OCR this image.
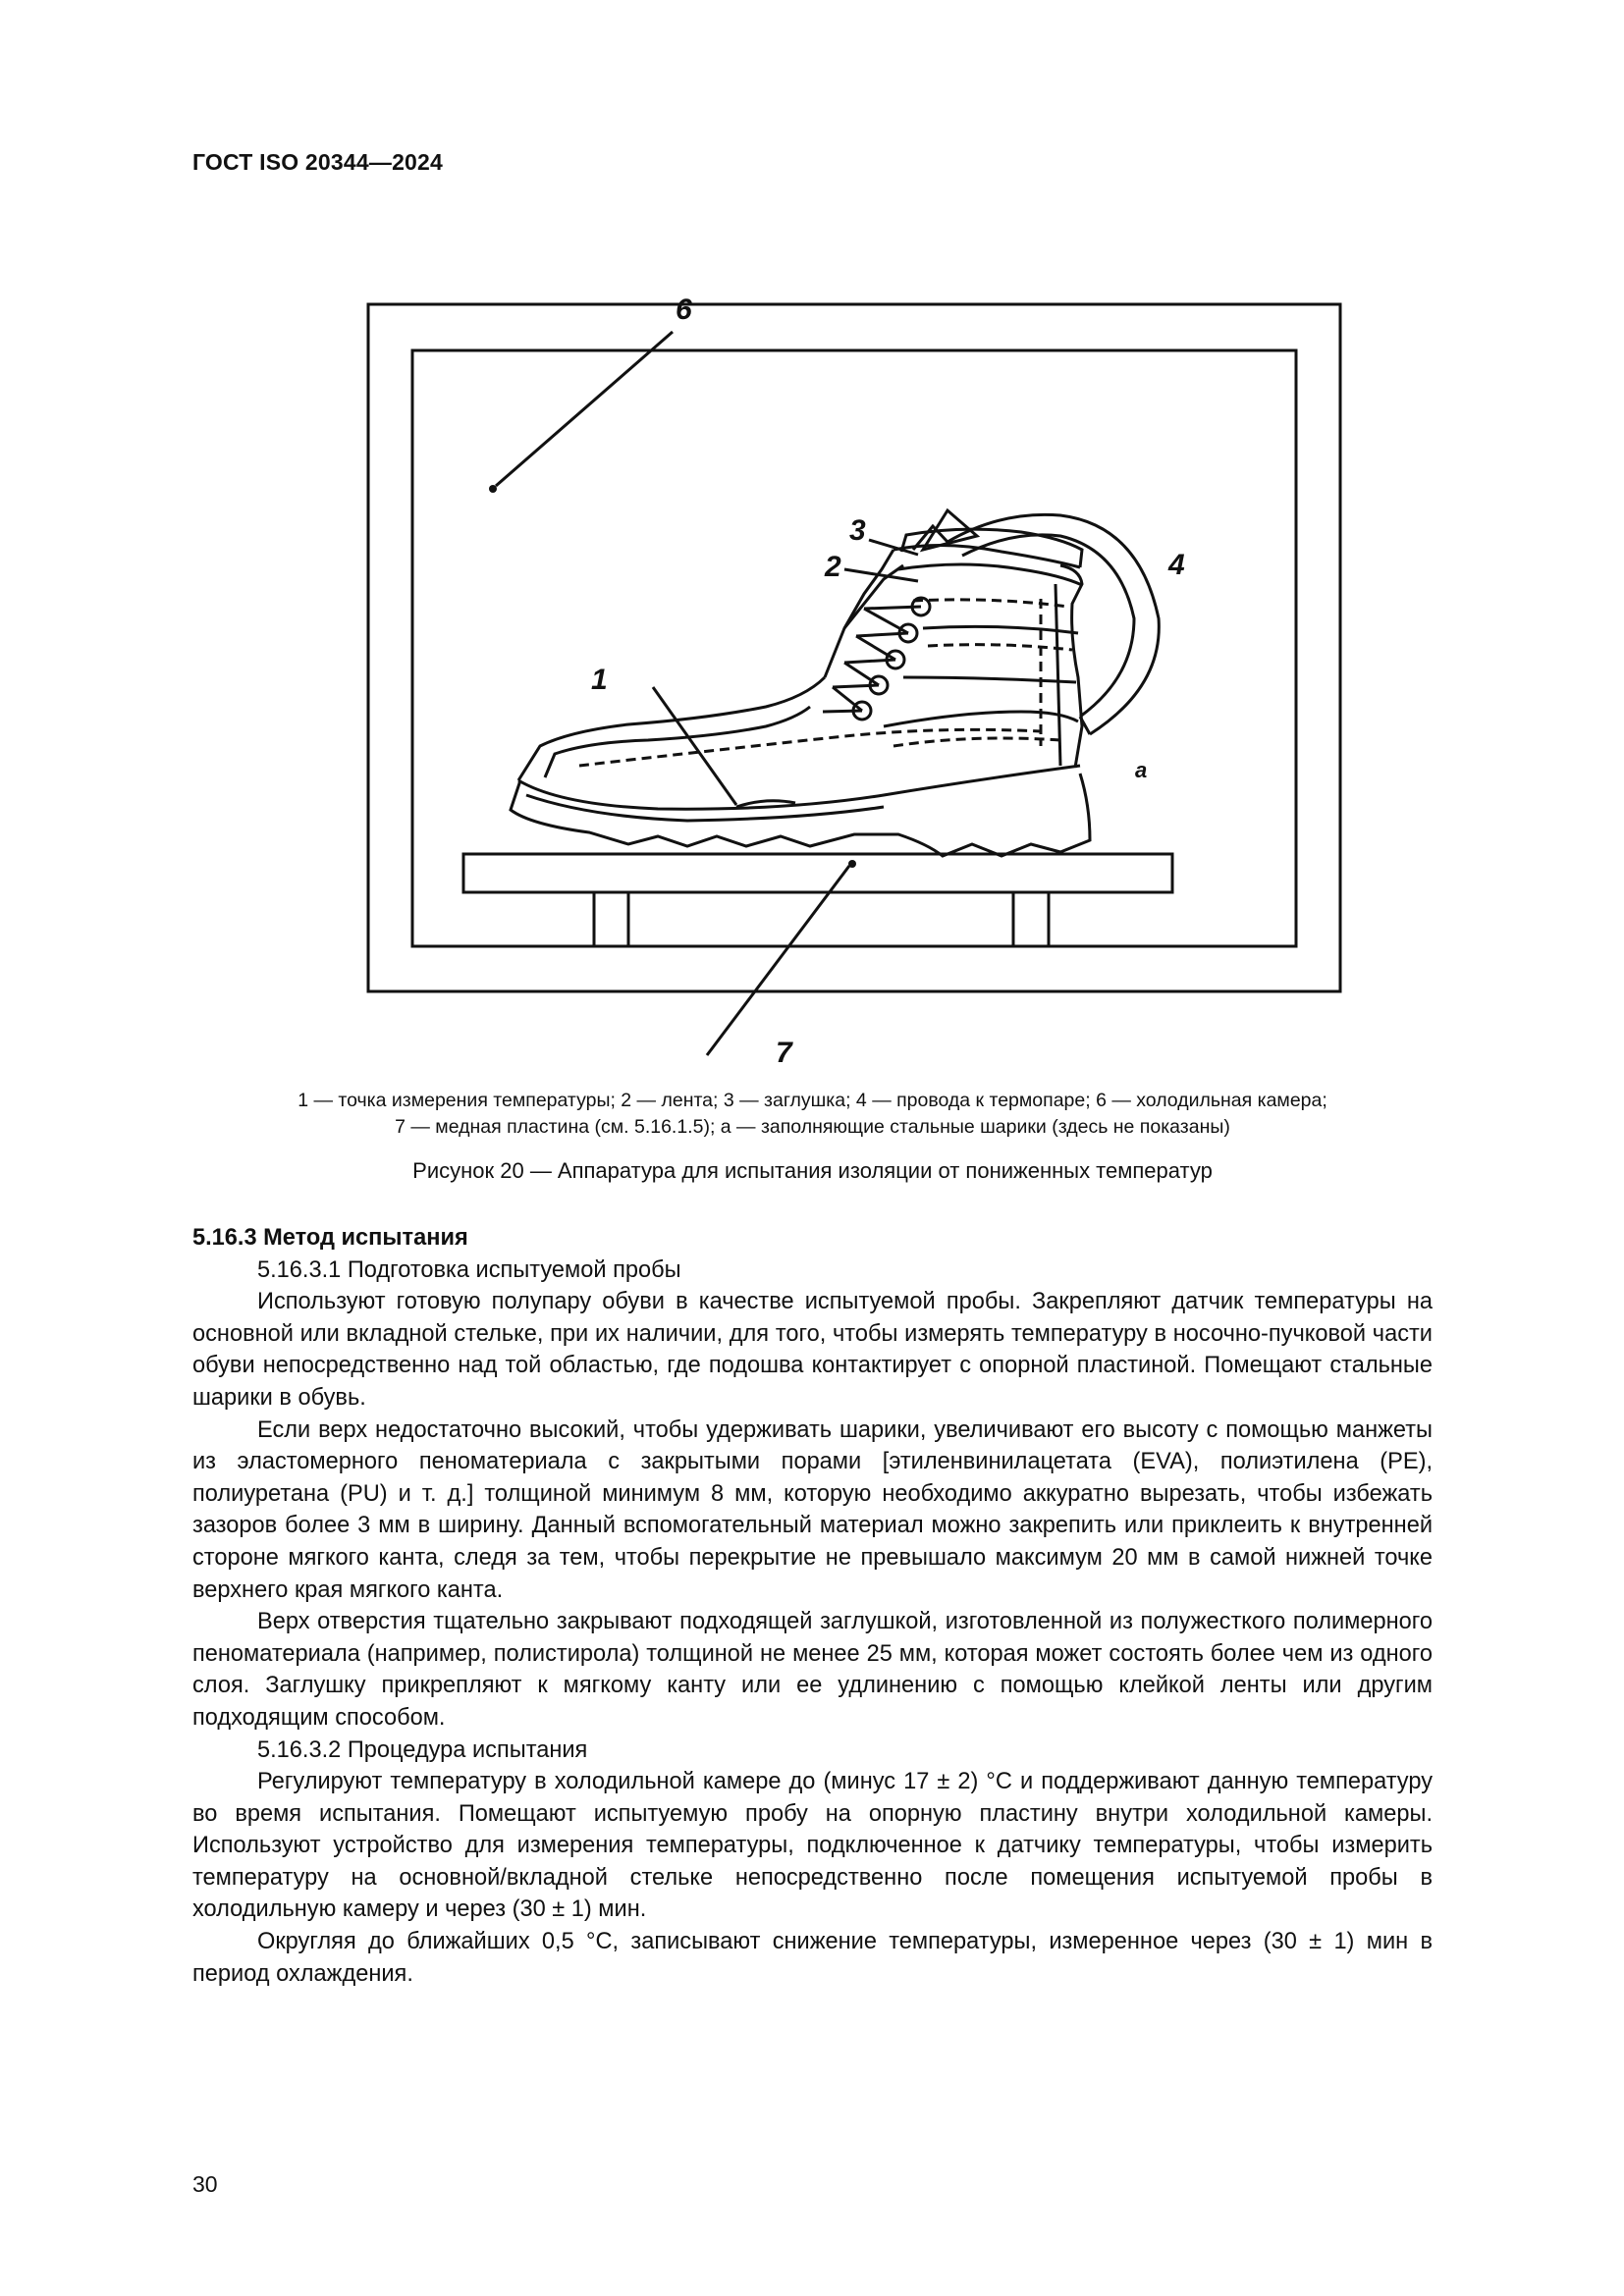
ГОСТ ISO 20344—2024
6
3
2	4
1
a
7
1 — точка измерения температуры; 2 — лента; 3 — заглушка; 4 — провода к термопаре; 6 — холодильная камера;
7 — медная пластина (см. 5.16.1.5); a — заполняющие стальные шарики (здесь не показаны)
Рисунок 20 — Аппаратура для испытания изоляции от пониженных температур

5.16.3 Метод испытания

5.16.3.1 Подготовка испытуемой пробы

Используют готовую полупару обуви в качестве испытуемой пробы. Закрепляют датчик температуры на основной или вкладной стельке, при их наличии, для того, чтобы измерять температуру в носочно-пучковой части обуви непосредственно над той областью, где подошва контактирует с опорной пластиной. Помещают стальные шарики в обувь.

Если верх недостаточно высокий, чтобы удерживать шарики, увеличивают его высоту с помощью манжеты из эластомерного пеноматериала с закрытыми порами [этиленвинилацетата (EVA), полиэтилена (PE), полиуретана (PU) и т. д.] толщиной минимум 8 мм, которую необходимо аккуратно вырезать, чтобы избежать зазоров более 3 мм в ширину. Данный вспомогательный материал можно закрепить или приклеить к внутренней стороне мягкого канта, следя за тем, чтобы перекрытие не превышало максимум 20 мм в самой нижней точке верхнего края мягкого канта.

Верх отверстия тщательно закрывают подходящей заглушкой, изготовленной из полужесткого полимерного пеноматериала (например, полистирола) толщиной не менее 25 мм, которая может состоять более чем из одного слоя. Заглушку прикрепляют к мягкому канту или ее удлинению с помощью клейкой ленты или другим подходящим способом.

5.16.3.2 Процедура испытания

Регулируют температуру в холодильной камере до (минус 17 ± 2) °С и поддерживают данную температуру во время испытания. Помещают испытуемую пробу на опорную пластину внутри холодильной камеры. Используют устройство для измерения температуры, подключенное к датчику температуры, чтобы измерить температуру на основной/вкладной стельке непосредственно после помещения испытуемой пробы в холодильную камеру и через (30 ± 1) мин.

Округляя до ближайших 0,5 °С, записывают снижение температуры, измеренное через (30 ± 1) мин в период охлаждения.

30
